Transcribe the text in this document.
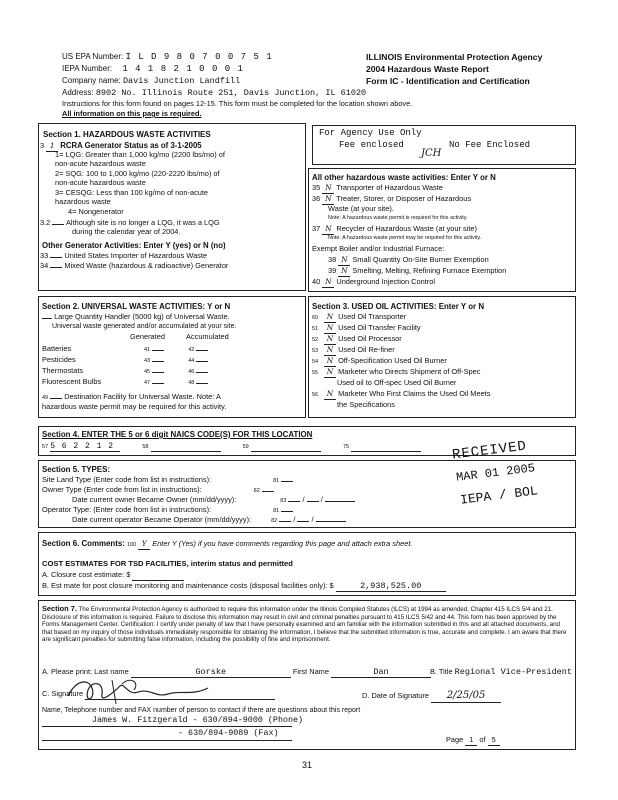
US EPA Number: I L D 9 8 0 7 0 0 7 5 1
IEPA Number: 1 4 1 8 2 1 0 0 0 1
Company name: Davis Junction Landfill
Address: 8902 No. Illinois Route 251, Davis Junction, IL 61020
Instructions for this form found on pages 12-15. This form must be completed for the location shown above.
All information on this page is required.
ILLINOIS Environmental Protection Agency
2004 Hazardous Waste Report
Form IC - Identification and Certification
For Agency Use Only
Fee enclosed	No Fee Enclosed
JCH
Section 1. HAZARDOUS WASTE ACTIVITIES
3 1 RCRA Generator Status as of 3-1-2005
1= LQG: Greater than 1,000 kg/mo (2200 lbs/mo) of
non-acute hazardous waste
2= SQG: 100 to 1,000 kg/mo (220-2220 lbs/mo) of
non-acute hazardous waste
3= CESQG: Less than 100 kg/mo of non-acute
hazardous waste
4= Nongenerator
3.2 Although site is no longer a LQG, it was a LQG
during the calendar year of 2004.
Other Generator Activities: Enter Y (yes) or N (no)
33 United States Importer of Hazardous Waste
34 Mixed Waste (hazardous & radioactive) Generator
All other hazardous waste activities: Enter Y or N
35 N Transporter of Hazardous Waste
36 N Treater, Storer, or Disposer of Hazardous
Waste (at your site).
Note: A hazardous waste permit is required for this activity.
37 N Recycler of Hazardous Waste (at your site)
Note: A hazardous waste permit may be required for this activity.
Exempt Boiler and/or Industrial Furnace:
38 N Small Quantity On-Site Burner Exemption
39 N Smelting, Melting, Refining Furnace Exemption
40 N Underground Injection Control
Section 2. UNIVERSAL WASTE ACTIVITIES: Y or N
Large Quantity Handler (5000 kg) of Universal Waste.
Universal waste generated and/or accumulated at your site.
Generated	Accumulated
Batteries	41	42
Pesticides	43	44
Thermostats	45	46
Fluorescent Bulbs	47	48
49 Destination Facility for Universal Waste. Note: A
hazardous waste permit may be required for this activity.
Section 3. USED OIL ACTIVITIES: Enter Y or N
60 N Used Oil Transporter
51 N Used Oil Transfer Facility
52 N Used Oil Processor
53 N Used Oil Re-finer
54 N Off-Specification Used Oil Burner
55 N Marketer who Directs Shipment of Off-Spec
Used oil to Off-spec Used Oil Burner
56 N Marketer Who First Claims the Used Oil Meets
the Specifications
Section 4. ENTER THE 5 or 6 digit NAICS CODE(S) FOR THIS LOCATION
57 5 6 2 2 1 2	58	59	75	RECEIVED
MAR 01 2005
IEPA / BOL
Section 5. TYPES:
Site Land Type (Enter code from list in instructions):	81
Owner Type (Enter code from list in instructions):	82
Date current owner Became Owner (mm/dd/yyyy):	83  /  /
Operator Type: (Enter code from list in instructions):	81
Date current operator Became Operator (mm/dd/yyyy):	82  /  /
Section 6. Comments: 100 Y Enter Y (Yes) if you have comments regarding this page and attach extra sheet.
COST ESTIMATES FOR TSD FACILITIES, interim status and permitted
A. Closure cost estimate: $
B. Est mate for post closure monitoring and maintenance costs (disposal facilities only): $	2,938,525.00
Section 7. The Environmental Protection Agency is authorized to require this information under the Illinois Compiled Statutes (ILCS) at 1994 as amended, Chapter 415 ILCS 5/4 and 21. Disclosure of this information is required. Failure to disclose this information may result in civil and criminal penalties pursuant to 415 ILCS 5/42 and 44. This form has been approved by the Forms Management Center. Certification: I certify under penalty of law that I have personally examined and am familiar with the information submitted in this and all attached documents, and that based on my inquiry of those individuals immediately responsible for obtaining the information, I believe that the submitted information is true, accurate and complete. I am aware that there are significant penalties for submitting false information, including the possibility of fine and imprisonment.
A. Please print: Last name	Gorske	First Name	Dan	B. Title Regional Vice-President
C. Signature	D. Date of Signature 2/25/05
Name, Telephone number and FAX number of person to contact if there are questions about this report
James W. Fitzgerald - 630/894-9000 (Phone)
- 630/894-9089 (Fax)
Page 1 of 5
31
